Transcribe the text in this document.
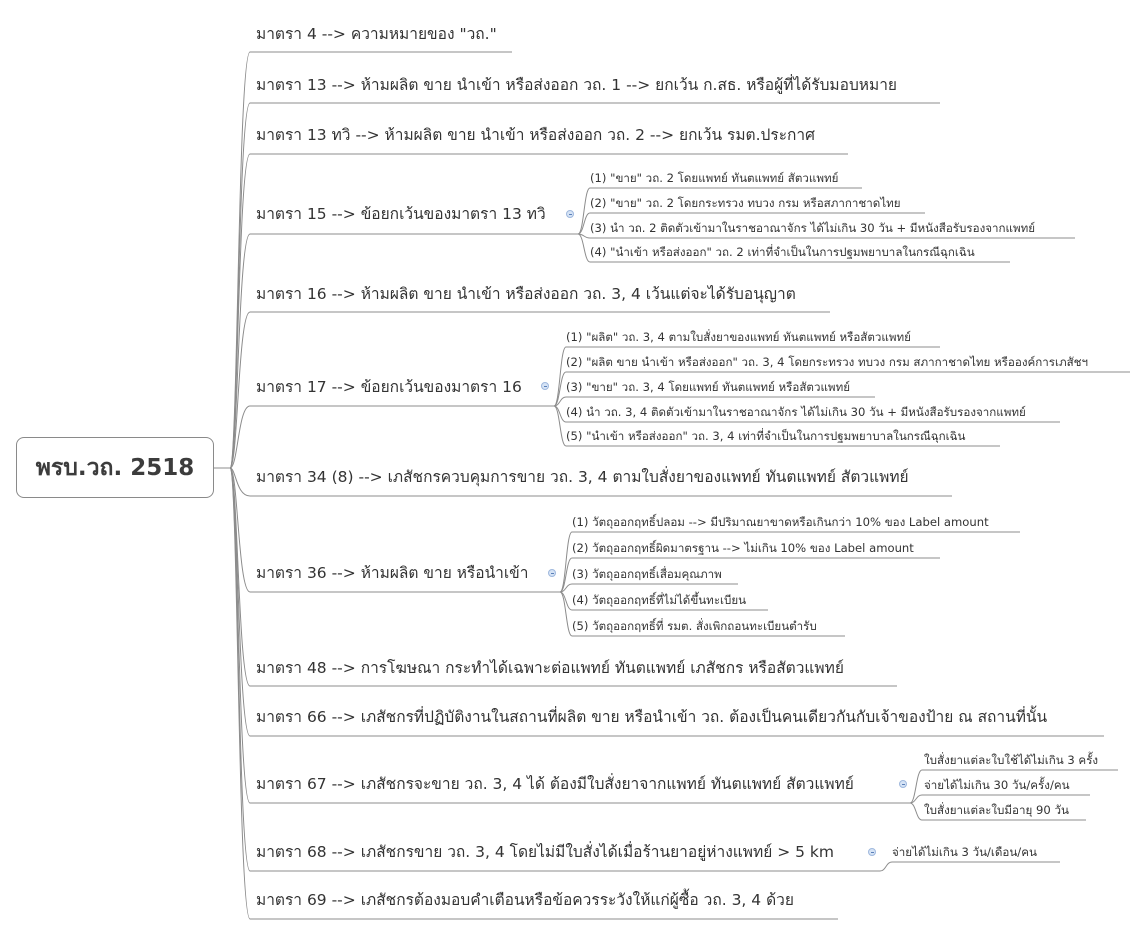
พรบ.วถ. 2518
มาตรา 4 --> ความหมายของ "วถ."
มาตรา 13 --> ห้ามผลิต ขาย นำเข้า หรือส่งออก วถ. 1 --> ยกเว้น ก.สธ. หรือผู้ที่ได้รับมอบหมาย
มาตรา 13 ทวิ --> ห้ามผลิต ขาย นำเข้า หรือส่งออก วถ. 2 --> ยกเว้น รมต.ประกาศ
มาตรา 15 --> ข้อยกเว้นของมาตรา 13 ทวิ
มาตรา 16 --> ห้ามผลิต ขาย นำเข้า หรือส่งออก วถ. 3, 4 เว้นแต่จะได้รับอนุญาต
มาตรา 17 --> ข้อยกเว้นของมาตรา 16
มาตรา 34 (8) --> เภสัชกรควบคุมการขาย วถ. 3, 4 ตามใบสั่งยาของแพทย์ ทันตแพทย์ สัตวแพทย์
มาตรา 36 --> ห้ามผลิต ขาย หรือนำเข้า
มาตรา 48 --> การโฆษณา กระทำได้เฉพาะต่อแพทย์ ทันตแพทย์ เภสัชกร หรือสัตวแพทย์
มาตรา 66 --> เภสัชกรที่ปฏิบัติงานในสถานที่ผลิต ขาย หรือนำเข้า วถ. ต้องเป็นคนเดียวกันกับเจ้าของป้าย ณ สถานที่นั้น
มาตรา 67 --> เภสัชกรจะขาย วถ. 3, 4 ได้ ต้องมีใบสั่งยาจากแพทย์ ทันตแพทย์ สัตวแพทย์
มาตรา 68 --> เภสัชกรขาย วถ. 3, 4 โดยไม่มีใบสั่งได้เมื่อร้านยาอยู่ห่างแพทย์ > 5 km
มาตรา 69 --> เภสัชกรต้องมอบคำเตือนหรือข้อควรระวังให้แก่ผู้ซื้อ วถ. 3, 4 ด้วย
(1) "ขาย" วถ. 2 โดยแพทย์ ทันตแพทย์ สัตวแพทย์
(2) "ขาย" วถ. 2 โดยกระทรวง ทบวง กรม หรือสภากาชาดไทย
(3) นำ วถ. 2 ติดตัวเข้ามาในราชอาณาจักร ได้ไม่เกิน 30 วัน + มีหนังสือรับรองจากแพทย์
(4) "นำเข้า หรือส่งออก" วถ. 2 เท่าที่จำเป็นในการปฐมพยาบาลในกรณีฉุกเฉิน
(1) "ผลิต" วถ. 3, 4 ตามใบสั่งยาของแพทย์ ทันตแพทย์ หรือสัตวแพทย์
(2) "ผลิต ขาย นำเข้า หรือส่งออก" วถ. 3, 4 โดยกระทรวง ทบวง กรม สภากาชาดไทย หรือองค์การเภสัชฯ
(3) "ขาย" วถ. 3, 4 โดยแพทย์ ทันตแพทย์ หรือสัตวแพทย์
(4) นำ วถ. 3, 4 ติดตัวเข้ามาในราชอาณาจักร ได้ไม่เกิน 30 วัน + มีหนังสือรับรองจากแพทย์
(5) "นำเข้า หรือส่งออก" วถ. 3, 4 เท่าที่จำเป็นในการปฐมพยาบาลในกรณีฉุกเฉิน
(1) วัตถุออกฤทธิ์ปลอม --> มีปริมาณยาขาดหรือเกินกว่า 10% ของ Label amount
(2) วัตถุออกฤทธิ์ผิดมาตรฐาน --> ไม่เกิน 10% ของ Label amount
(3) วัตถุออกฤทธิ์เสื่อมคุณภาพ
(4) วัตถุออกฤทธิ์ที่ไม่ได้ขึ้นทะเบียน
(5) วัตถุออกฤทธิ์ที่ รมต. สั่งเพิกถอนทะเบียนตำรับ
ใบสั่งยาแต่ละใบใช้ได้ไม่เกิน 3 ครั้ง
จ่ายได้ไม่เกิน 30 วัน/ครั้ง/คน
ใบสั่งยาแต่ละใบมีอายุ 90 วัน
จ่ายได้ไม่เกิน 3 วัน/เดือน/คน
